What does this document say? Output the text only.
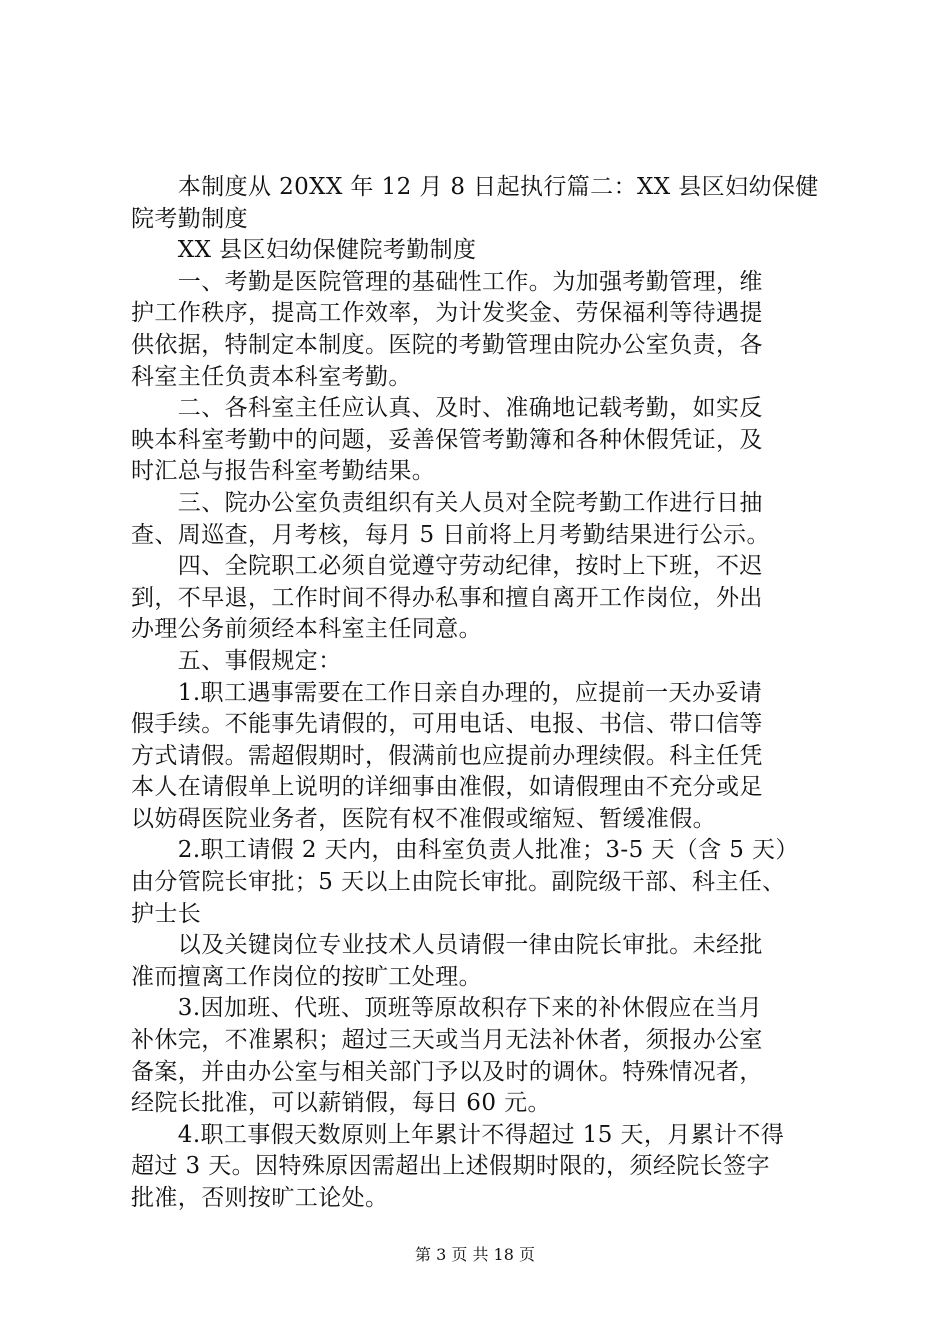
　　本制度从 20XX 年 12 月 8 日起执行篇二：XX 县区妇幼保健

院考勤制度

　　XX 县区妇幼保健院考勤制度

　　一、考勤是医院管理的基础性工作。为加强考勤管理，维

护工作秩序，提高工作效率，为计发奖金、劳保福利等待遇提

供依据，特制定本制度。医院的考勤管理由院办公室负责，各

科室主任负责本科室考勤。

　　二、各科室主任应认真、及时、准确地记载考勤，如实反

映本科室考勤中的问题，妥善保管考勤簿和各种休假凭证，及

时汇总与报告科室考勤结果。

　　三、院办公室负责组织有关人员对全院考勤工作进行日抽

查、周巡查，月考核，每月 5 日前将上月考勤结果进行公示。

　　四、全院职工必须自觉遵守劳动纪律，按时上下班，不迟

到，不早退，工作时间不得办私事和擅自离开工作岗位，外出

办理公务前须经本科室主任同意。

　　五、事假规定：

　　1.职工遇事需要在工作日亲自办理的，应提前一天办妥请

假手续。不能事先请假的，可用电话、电报、书信、带口信等

方式请假。需超假期时，假满前也应提前办理续假。科主任凭

本人在请假单上说明的详细事由准假，如请假理由不充分或足

以妨碍医院业务者，医院有权不准假或缩短、暂缓准假。

　　2.职工请假 2 天内，由科室负责人批准；3-5 天（含 5 天）

由分管院长审批；5 天以上由院长审批。副院级干部、科主任、

护士长

　　以及关键岗位专业技术人员请假一律由院长审批。未经批

准而擅离工作岗位的按旷工处理。

　　3.因加班、代班、顶班等原故积存下来的补休假应在当月

补休完，不准累积；超过三天或当月无法补休者，须报办公室

备案，并由办公室与相关部门予以及时的调休。特殊情况者，

经院长批准，可以薪销假，每日 60 元。

　　4.职工事假天数原则上年累计不得超过 15 天，月累计不得

超过 3 天。因特殊原因需超出上述假期时限的，须经院长签字

批准，否则按旷工论处。

第 3 页 共 18 页
